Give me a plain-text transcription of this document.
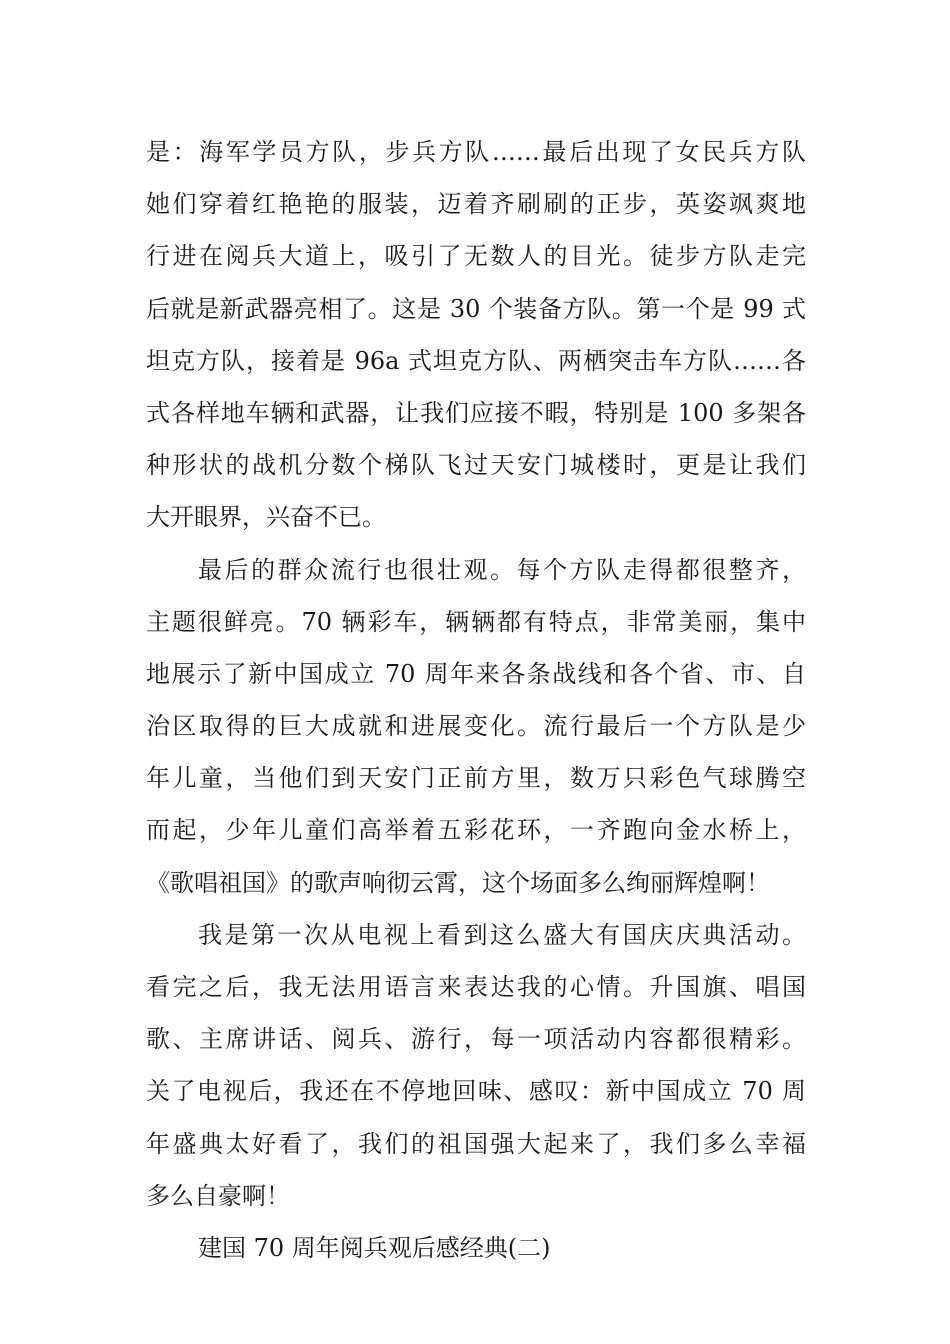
是：海军学员方队，步兵方队……最后出现了女民兵方队
她们穿着红艳艳的服装，迈着齐刷刷的正步，英姿飒爽地
行进在阅兵大道上，吸引了无数人的目光。徒步方队走完
后就是新武器亮相了。这是 30 个装备方队。第一个是 99 式
坦克方队，接着是 96a 式坦克方队、两栖突击车方队……各
式各样地车辆和武器，让我们应接不暇，特别是 100 多架各
种形状的战机分数个梯队飞过天安门城楼时，更是让我们
大开眼界，兴奋不已。
最后的群众流行也很壮观。每个方队走得都很整齐，
主题很鲜亮。70 辆彩车，辆辆都有特点，非常美丽，集中
地展示了新中国成立 70 周年来各条战线和各个省、市、自
治区取得的巨大成就和进展变化。流行最后一个方队是少
年儿童，当他们到天安门正前方里，数万只彩色气球腾空
而起，少年儿童们高举着五彩花环，一齐跑向金水桥上，
《歌唱祖国》的歌声响彻云霄，这个场面多么绚丽辉煌啊！
我是第一次从电视上看到这么盛大有国庆庆典活动。
看完之后，我无法用语言来表达我的心情。升国旗、唱国
歌、主席讲话、阅兵、游行，每一项活动内容都很精彩。
关了电视后，我还在不停地回味、感叹：新中国成立 70 周
年盛典太好看了，我们的祖国强大起来了，我们多么幸福
多么自豪啊！
建国 70 周年阅兵观后感经典(二)
